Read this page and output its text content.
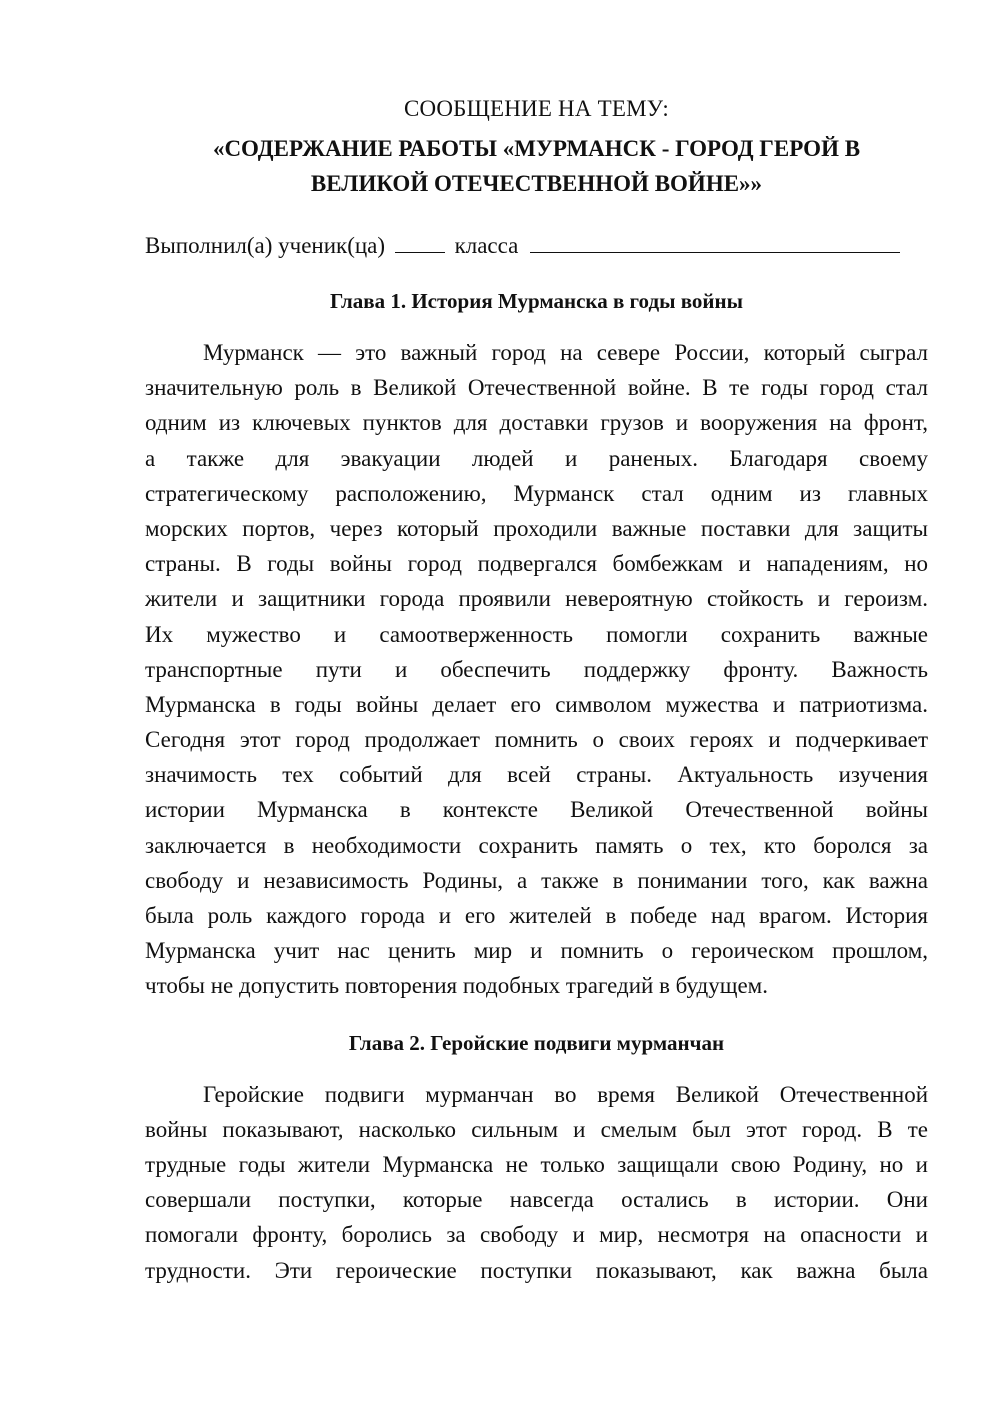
СООБЩЕНИЕ НА ТЕМУ:

«СОДЕРЖАНИЕ РАБОТЫ «МУРМАНСК - ГОРОД ГЕРОЙ В

ВЕЛИКОЙ ОТЕЧЕСТВЕННОЙ ВОЙНЕ»»

Выполнил(а) ученик(ца)	класса

Глава 1. История Мурманска в годы войны

Мурманск — это важный город на севере России, который сыграл
значительную роль в Великой Отечественной войне. В те годы город стал
одним из ключевых пунктов для доставки грузов и вооружения на фронт,
а также для эвакуации людей и раненых. Благодаря своему
стратегическому расположению, Мурманск стал одним из главных
морских портов, через который проходили важные поставки для защиты
страны. В годы войны город подвергался бомбежкам и нападениям, но
жители и защитники города проявили невероятную стойкость и героизм.
Их мужество и самоотверженность помогли сохранить важные
транспортные пути и обеспечить поддержку фронту. Важность
Мурманска в годы войны делает его символом мужества и патриотизма.
Сегодня этот город продолжает помнить о своих героях и подчеркивает
значимость тех событий для всей страны. Актуальность изучения
истории Мурманска в контексте Великой Отечественной войны
заключается в необходимости сохранить память о тех, кто боролся за
свободу и независимость Родины, а также в понимании того, как важна
была роль каждого города и его жителей в победе над врагом. История
Мурманска учит нас ценить мир и помнить о героическом прошлом,
чтобы не допустить повторения подобных трагедий в будущем.

Глава 2. Геройские подвиги мурманчан

Геройские подвиги мурманчан во время Великой Отечественной
войны показывают, насколько сильным и смелым был этот город. В те
трудные годы жители Мурманска не только защищали свою Родину, но и
совершали поступки, которые навсегда остались в истории. Они
помогали фронту, боролись за свободу и мир, несмотря на опасности и
трудности. Эти героические поступки показывают, как важна была
